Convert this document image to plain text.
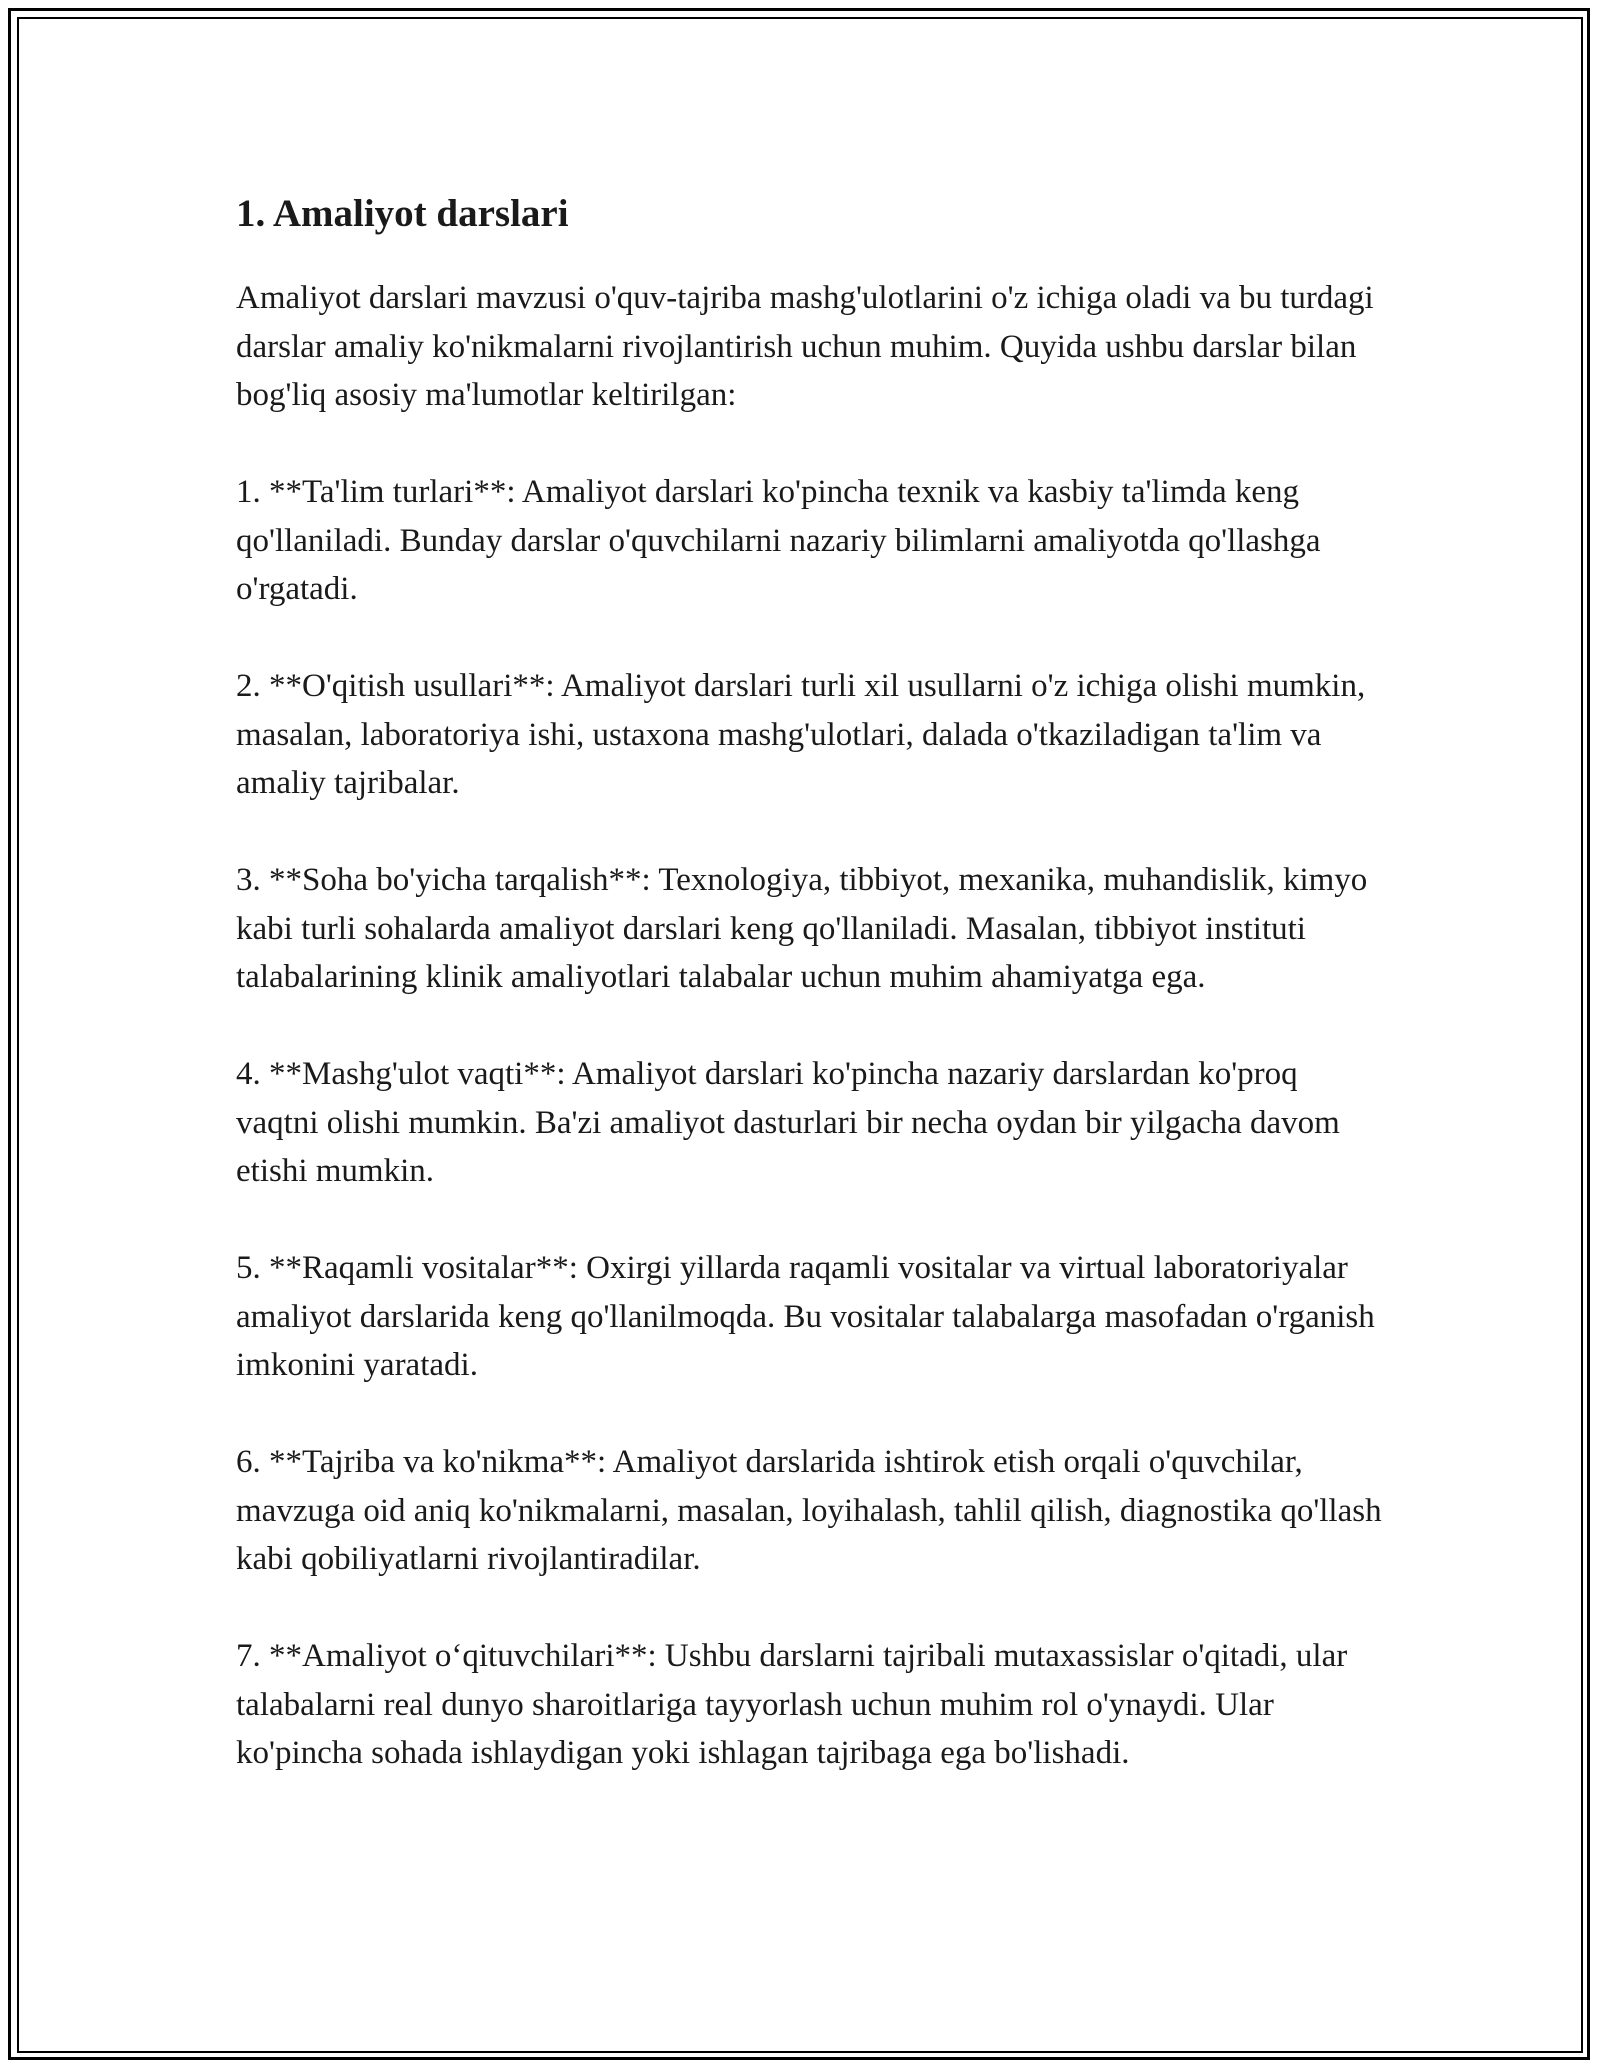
1. Amaliyot darslari

Amaliyot darslari mavzusi o'quv-tajriba mashg'ulotlarini o'z ichiga oladi va bu turdagi darslar amaliy ko'nikmalarni rivojlantirish uchun muhim. Quyida ushbu darslar bilan bog'liq asosiy ma'lumotlar keltirilgan:

1. **Ta'lim turlari**: Amaliyot darslari ko'pincha texnik va kasbiy ta'limda keng qo'llaniladi. Bunday darslar o'quvchilarni nazariy bilimlarni amaliyotda qo'llashga o'rgatadi.

2. **O'qitish usullari**: Amaliyot darslari turli xil usullarni o'z ichiga olishi mumkin, masalan, laboratoriya ishi, ustaxona mashg'ulotlari, dalada o'tkaziladigan ta'lim va amaliy tajribalar.

3. **Soha bo'yicha tarqalish**: Texnologiya, tibbiyot, mexanika, muhandislik, kimyo kabi turli sohalarda amaliyot darslari keng qo'llaniladi. Masalan, tibbiyot instituti talabalarining klinik amaliyotlari talabalar uchun muhim ahamiyatga ega.

4. **Mashg'ulot vaqti**: Amaliyot darslari ko'pincha nazariy darslardan ko'proq vaqtni olishi mumkin. Ba'zi amaliyot dasturlari bir necha oydan bir yilgacha davom etishi mumkin.

5. **Raqamli vositalar**: Oxirgi yillarda raqamli vositalar va virtual laboratoriyalar amaliyot darslarida keng qo'llanilmoqda. Bu vositalar talabalarga masofadan o'rganish imkonini yaratadi.

6. **Tajriba va ko'nikma**: Amaliyot darslarida ishtirok etish orqali o'quvchilar, mavzuga oid aniq ko'nikmalarni, masalan, loyihalash, tahlil qilish, diagnostika qo'llash kabi qobiliyatlarni rivojlantiradilar.

7. **Amaliyot o‘qituvchilari**: Ushbu darslarni tajribali mutaxassislar o'qitadi, ular talabalarni real dunyo sharoitlariga tayyorlash uchun muhim rol o'ynaydi. Ular ko'pincha sohada ishlaydigan yoki ishlagan tajribaga ega bo'lishadi.
